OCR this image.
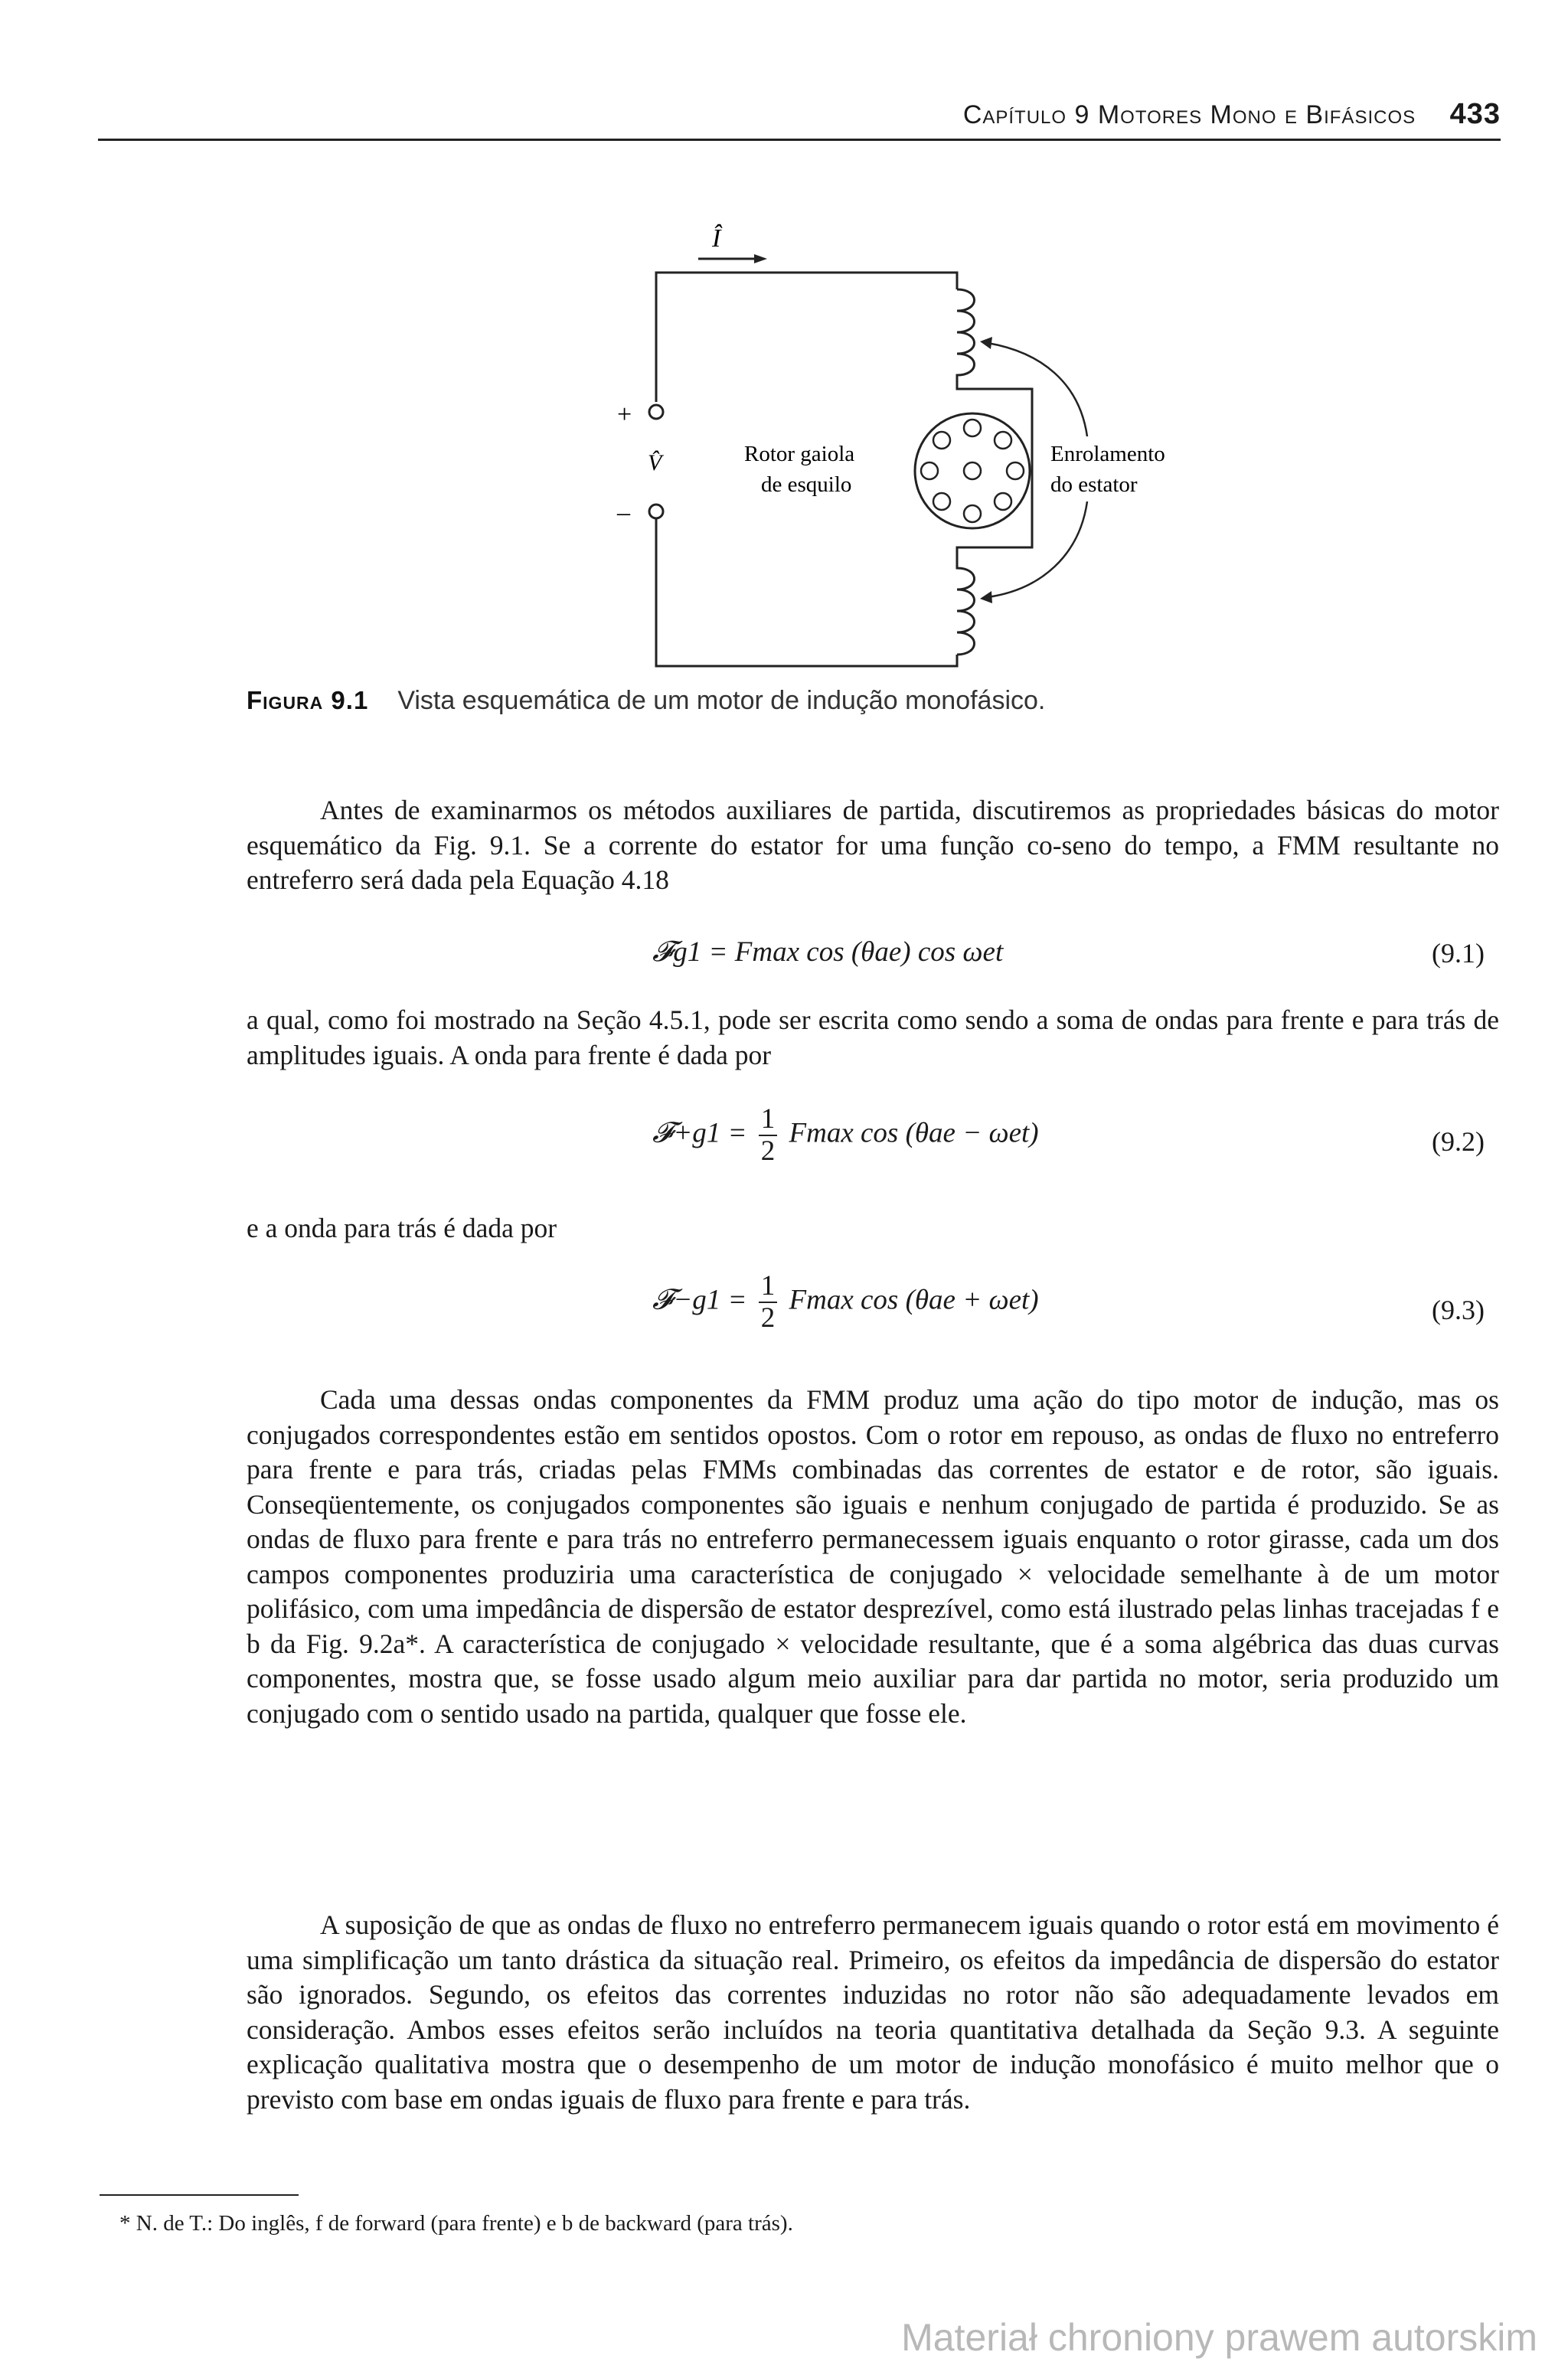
Capítulo 9 Motores Mono e Bifásicos 433
Î
+
–
V̂	Rotor gaiola
de esquilo
Enrolamento
do estator
Figura 9.1 Vista esquemática de um motor de indução monofásico.

Antes de examinarmos os métodos auxiliares de partida, discutiremos as propriedades básicas do motor esquemático da Fig. 9.1. Se a corrente do estator for uma função co-seno do tempo, a FMM resultante no entreferro será dada pela Equação 4.18

𝓕g1 = Fmax cos (θae) cos ωet	(9.1)

a qual, como foi mostrado na Seção 4.5.1, pode ser escrita como sendo a soma de ondas para frente e para trás de amplitudes iguais. A onda para frente é dada por

𝓕+g1 = $\frac{1}{2}$ Fmax cos (θae − ωet)	(9.2)

e a onda para trás é dada por

𝓕−g1 = $\frac{1}{2}$ Fmax cos (θae + ωet)	(9.3)

Cada uma dessas ondas componentes da FMM produz uma ação do tipo motor de indução, mas os conjugados correspondentes estão em sentidos opostos. Com o rotor em repouso, as ondas de fluxo no entreferro para frente e para trás, criadas pelas FMMs combinadas das correntes de estator e de rotor, são iguais. Conseqüentemente, os conjugados componentes são iguais e nenhum conjugado de partida é produzido. Se as ondas de fluxo para frente e para trás no entreferro permanecessem iguais enquanto o rotor girasse, cada um dos campos componentes produziria uma característica de conjugado × velocidade semelhante à de um motor polifásico, com uma impedância de dispersão de estator desprezível, como está ilustrado pelas linhas tracejadas f e b da Fig. 9.2a*. A característica de conjugado × velocidade resultante, que é a soma algébrica das duas curvas componentes, mostra que, se fosse usado algum meio auxiliar para dar partida no motor, seria produzido um conjugado com o sentido usado na partida, qualquer que fosse ele.

A suposição de que as ondas de fluxo no entreferro permanecem iguais quando o rotor está em movimento é uma simplificação um tanto drástica da situação real. Primeiro, os efeitos da impedância de dispersão do estator são ignorados. Segundo, os efeitos das correntes induzidas no rotor não são adequadamente levados em consideração. Ambos esses efeitos serão incluídos na teoria quantitativa detalhada da Seção 9.3. A seguinte explicação qualitativa mostra que o desempenho de um motor de indução monofásico é muito melhor que o previsto com base em ondas iguais de fluxo para frente e para trás.

* N. de T.: Do inglês, f de forward (para frente) e b de backward (para trás).
Materiał chroniony prawem autorskim
